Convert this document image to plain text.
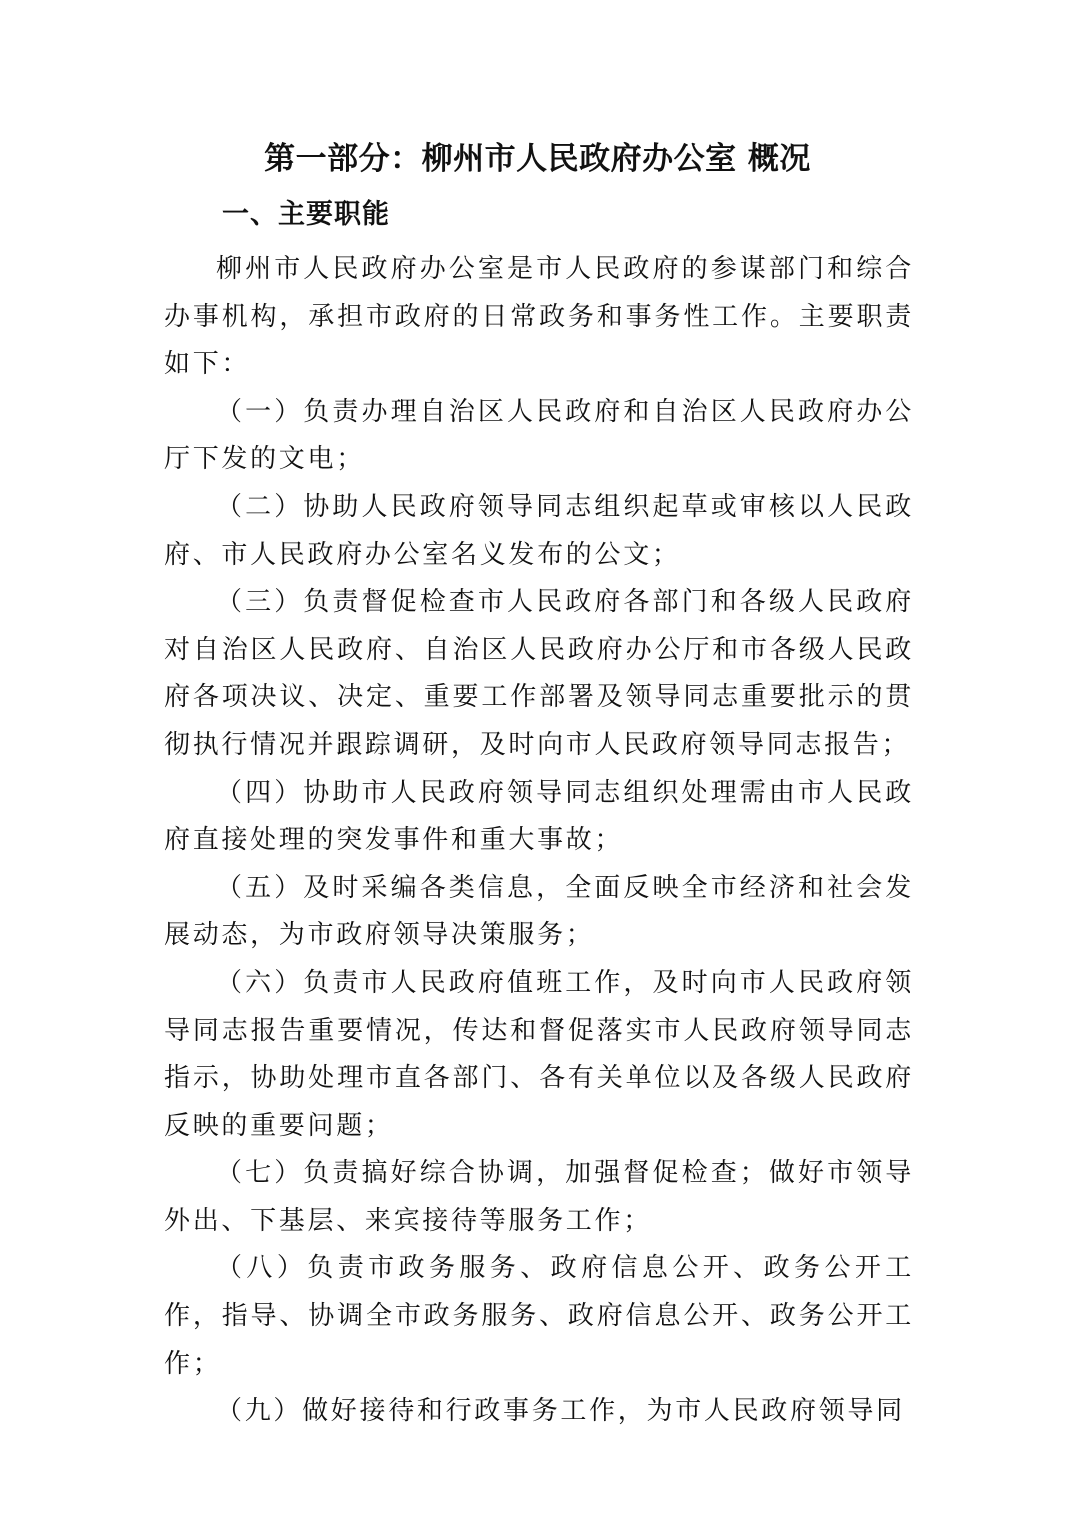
第一部分：柳州市人民政府办公室 概况
一、主要职能

柳州市人民政府办公室是市人民政府的参谋部门和综合办事机构，承担市政府的日常政务和事务性工作。主要职责如下：

（一）负责办理自治区人民政府和自治区人民政府办公厅下发的文电；

（二）协助人民政府领导同志组织起草或审核以人民政府、市人民政府办公室名义发布的公文；

（三）负责督促检查市人民政府各部门和各级人民政府对自治区人民政府、自治区人民政府办公厅和市各级人民政府各项决议、决定、重要工作部署及领导同志重要批示的贯彻执行情况并跟踪调研，及时向市人民政府领导同志报告；

（四）协助市人民政府领导同志组织处理需由市人民政府直接处理的突发事件和重大事故；

（五）及时采编各类信息，全面反映全市经济和社会发展动态，为市政府领导决策服务；

（六）负责市人民政府值班工作，及时向市人民政府领导同志报告重要情况，传达和督促落实市人民政府领导同志指示，协助处理市直各部门、各有关单位以及各级人民政府反映的重要问题；

（七）负责搞好综合协调，加强督促检查；做好市领导外出、下基层、来宾接待等服务工作；

（八）负责市政务服务、政府信息公开、政务公开工作，指导、协调全市政务服务、政府信息公开、政务公开工作；

（九）做好接待和行政事务工作，为市人民政府领导同
